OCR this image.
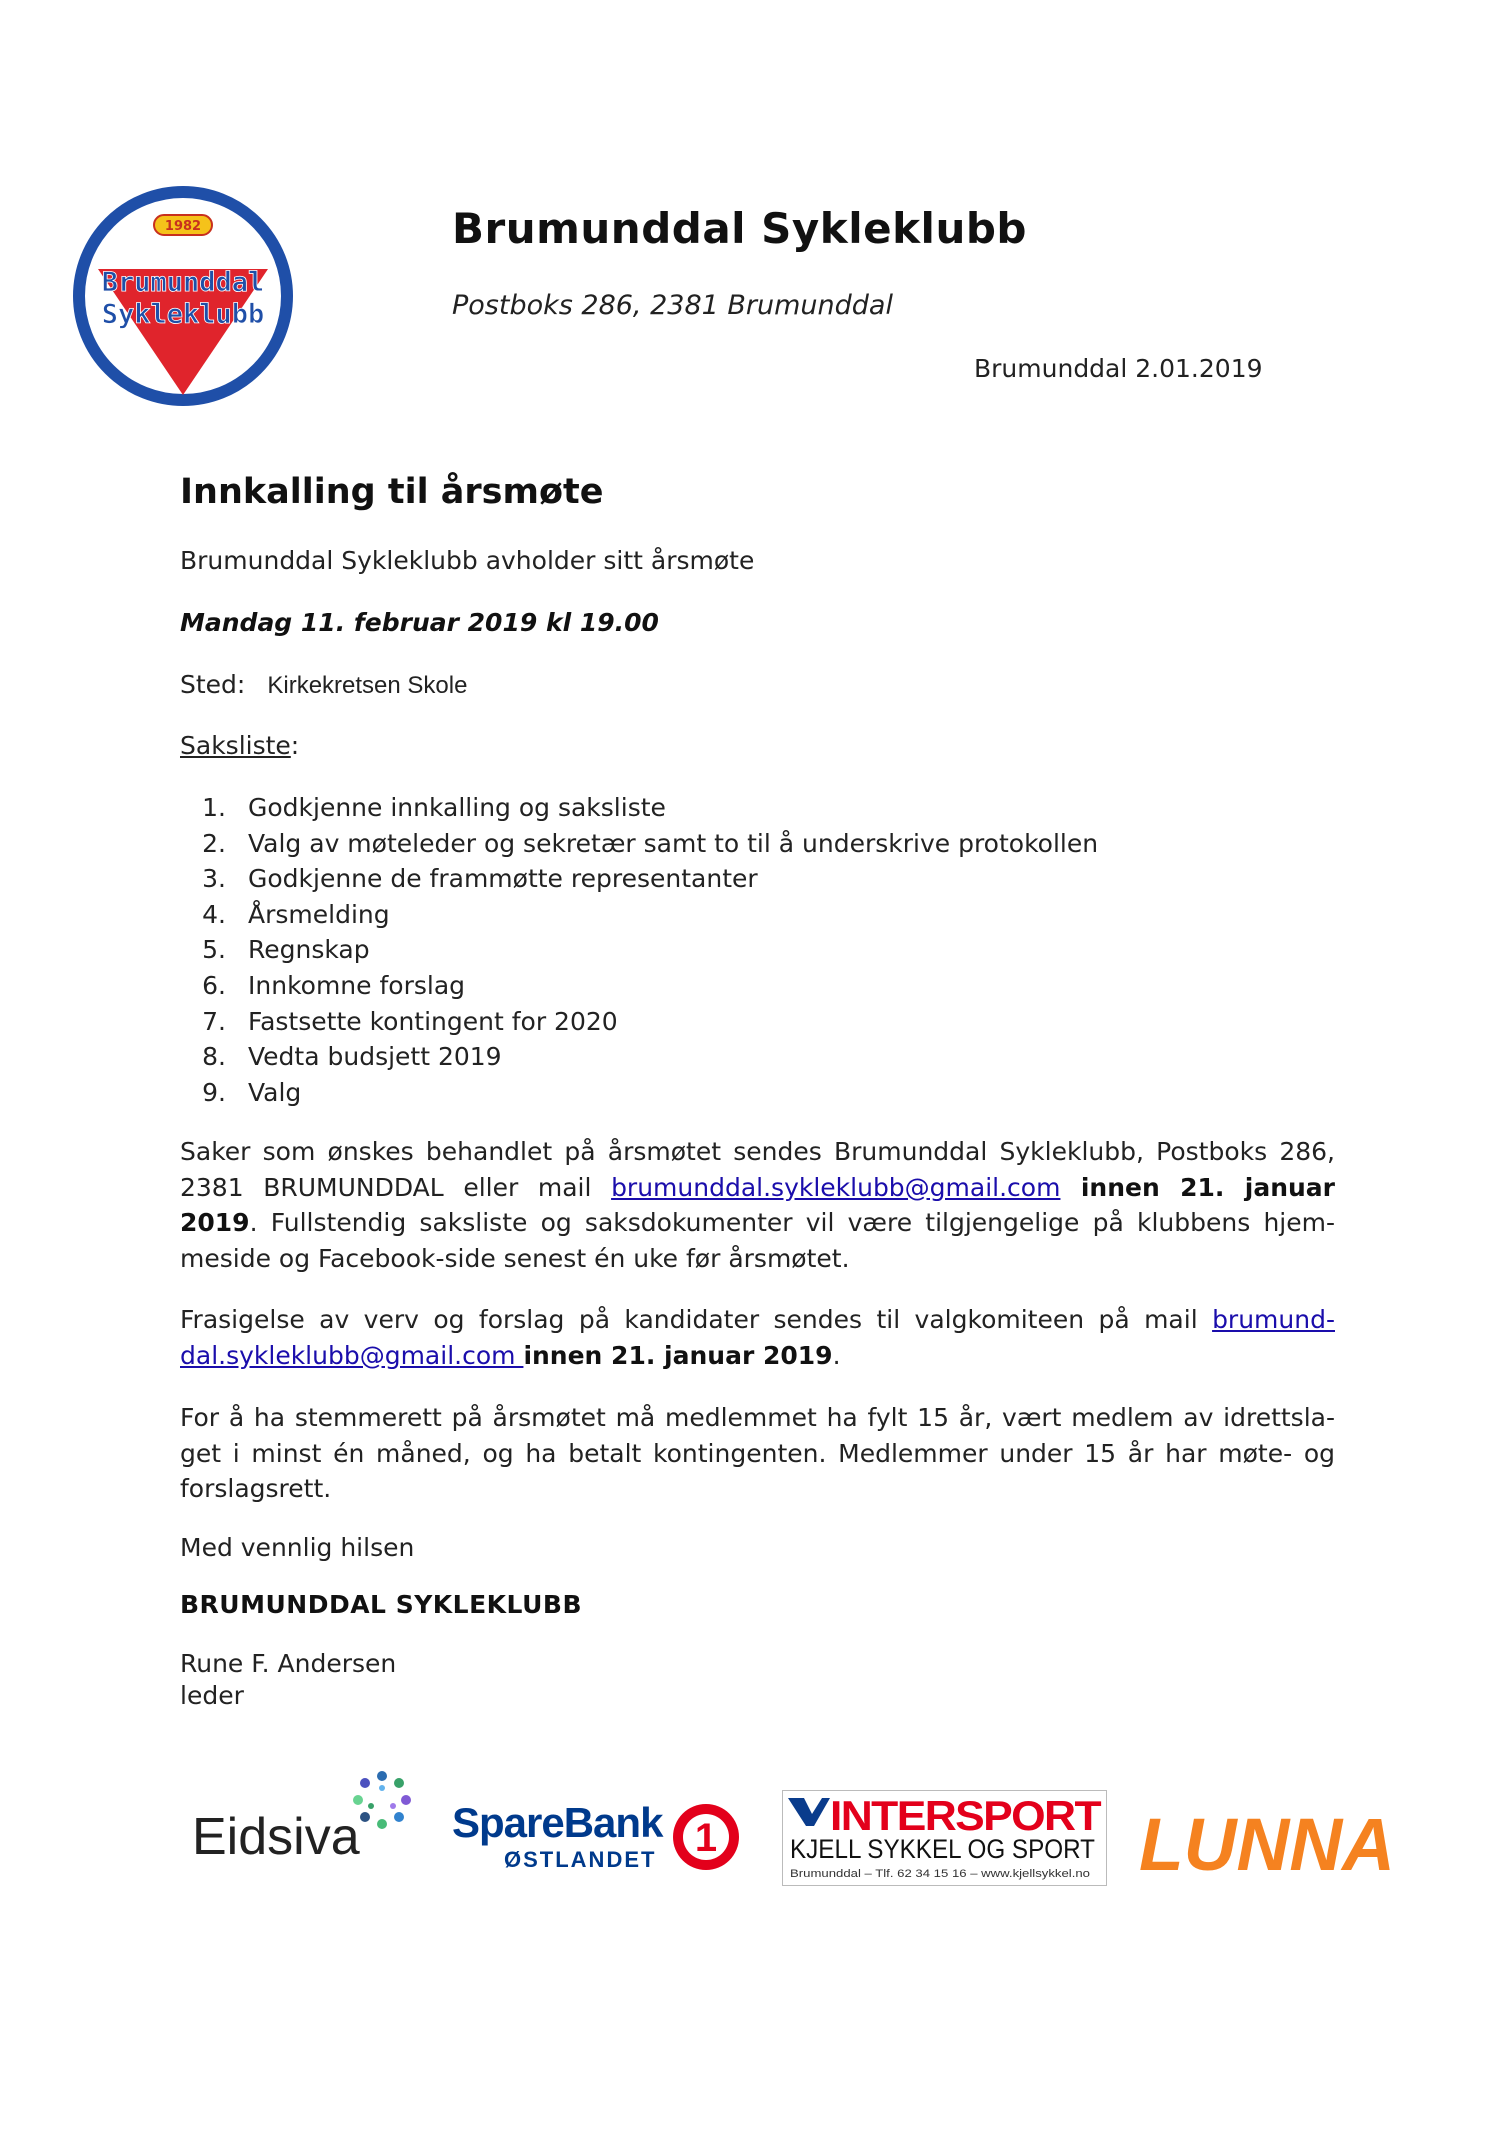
1982
Brumunddal
Sykleklubb
Brumunddal Sykleklubb
Postboks 286, 2381 Brumunddal
Brumunddal 2.01.2019
Innkalling til årsmøte
Brumunddal Sykleklubb avholder sitt årsmøte
Mandag 11. februar 2019 kl 19.00
Sted: Kirkekretsen Skole
Saksliste:
1. Godkjenne innkalling og saksliste
2. Valg av møteleder og sekretær samt to til å underskrive protokollen
3. Godkjenne de frammøtte representanter
4. Årsmelding
5. Regnskap
6. Innkomne forslag
7. Fastsette kontingent for 2020
8. Vedta budsjett 2019
9. Valg

Saker som ønskes behandlet på årsmøtet sendes Brumunddal Sykleklubb, Postboks 286, 2381 BRUMUNDDAL eller mail brumunddal.sykleklubb@gmail.com innen 21. januar 2019. Fullstendig saksliste og saksdokumenter vil være tilgjengelige på klubbens hjem-meside og Facebook-side senest én uke før årsmøtet.

Frasigelse av verv og forslag på kandidater sendes til valgkomiteen på mail brumund-dal.sykleklubb@gmail.com innen 21. januar 2019.

For å ha stemmerett på årsmøtet må medlemmet ha fylt 15 år, vært medlem av idrettsla-get i minst én måned, og ha betalt kontingenten. Medlemmer under 15 år har møte- og forslagsrett.

Med vennlig hilsen
BRUMUNDDAL SYKLEKLUBB
Rune F. Andersen
leder
Eidsiva SpareBank
ØSTLANDET 1	INTERSPORT
KJELL SYKKEL OG SPORT
Brumunddal – Tlf. 62 34 15 16 – www.kjellsykkel.no LUNNA
